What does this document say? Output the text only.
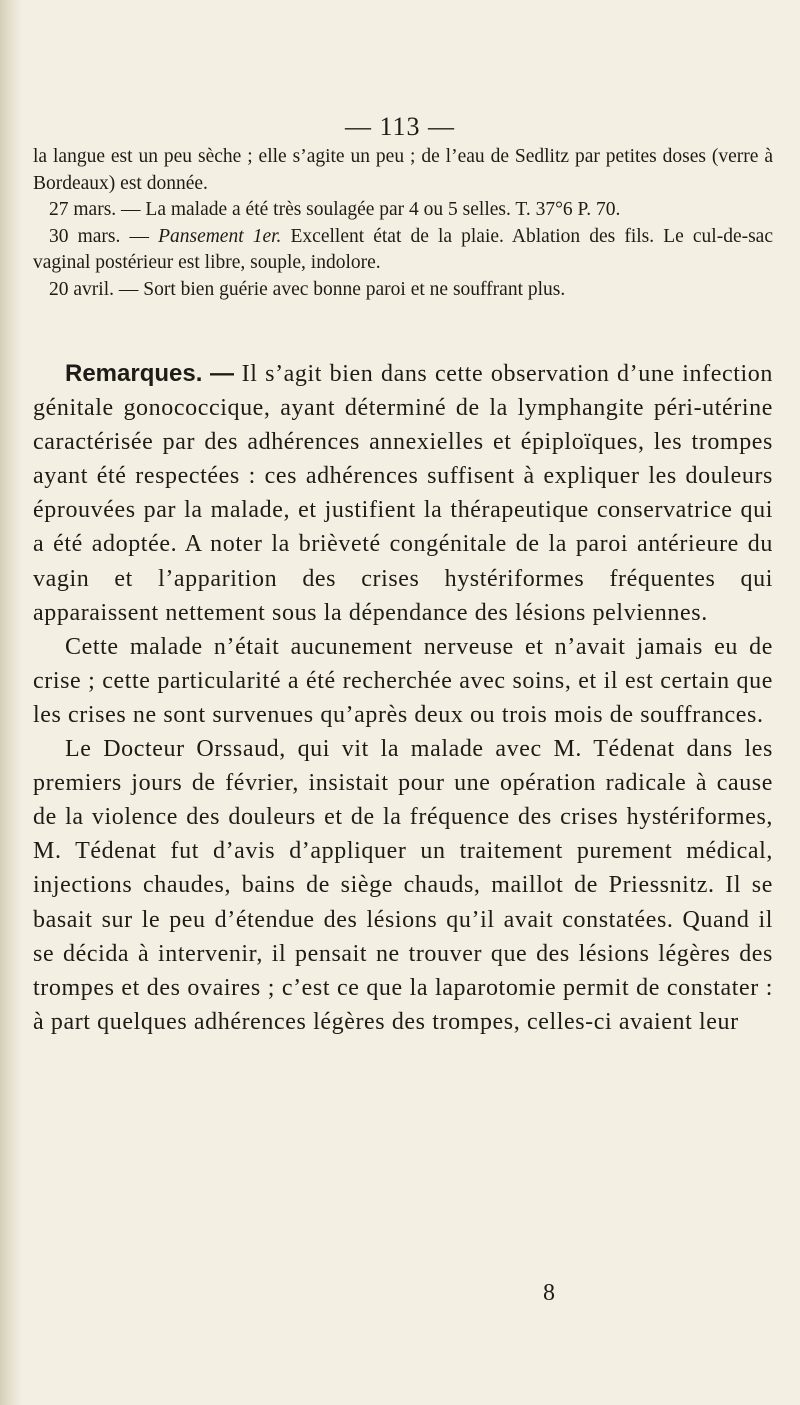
— 113 —

la langue est un peu sèche ; elle s’agite un peu ; de l’eau de Sedlitz par petites doses (verre à Bordeaux) est donnée.

27 mars. — La malade a été très soulagée par 4 ou 5 selles. T. 37°6 P. 70.

30 mars. — Pansement 1er. Excellent état de la plaie. Ablation des fils. Le cul-de-sac vaginal postérieur est libre, souple, indolore.

20 avril. — Sort bien guérie avec bonne paroi et ne souffrant plus.

Remarques. — Il s’agit bien dans cette observation d’une infection génitale gonococcique, ayant déterminé de la lymphangite péri-utérine caractérisée par des adhérences annexielles et épiploïques, les trompes ayant été respectées : ces adhérences suffisent à expliquer les douleurs éprouvées par la malade, et justifient la thérapeutique conservatrice qui a été adoptée. A noter la brièveté congénitale de la paroi antérieure du vagin et l’apparition des crises hystériformes fréquentes qui apparaissent nettement sous la dépendance des lésions pelviennes.

Cette malade n’était aucunement nerveuse et n’avait jamais eu de crise ; cette particularité a été recherchée avec soins, et il est certain que les crises ne sont survenues qu’après deux ou trois mois de souffrances.

Le Docteur Orssaud, qui vit la malade avec M. Tédenat dans les premiers jours de février, insistait pour une opération radicale à cause de la violence des douleurs et de la fréquence des crises hystériformes, M. Tédenat fut d’avis d’appliquer un traitement purement médical, injections chaudes, bains de siège chauds, maillot de Priessnitz. Il se basait sur le peu d’étendue des lésions qu’il avait constatées. Quand il se décida à intervenir, il pensait ne trouver que des lésions légères des trompes et des ovaires ; c’est ce que la laparotomie permit de constater : à part quelques adhérences légères des trompes, celles-ci avaient leur

8
